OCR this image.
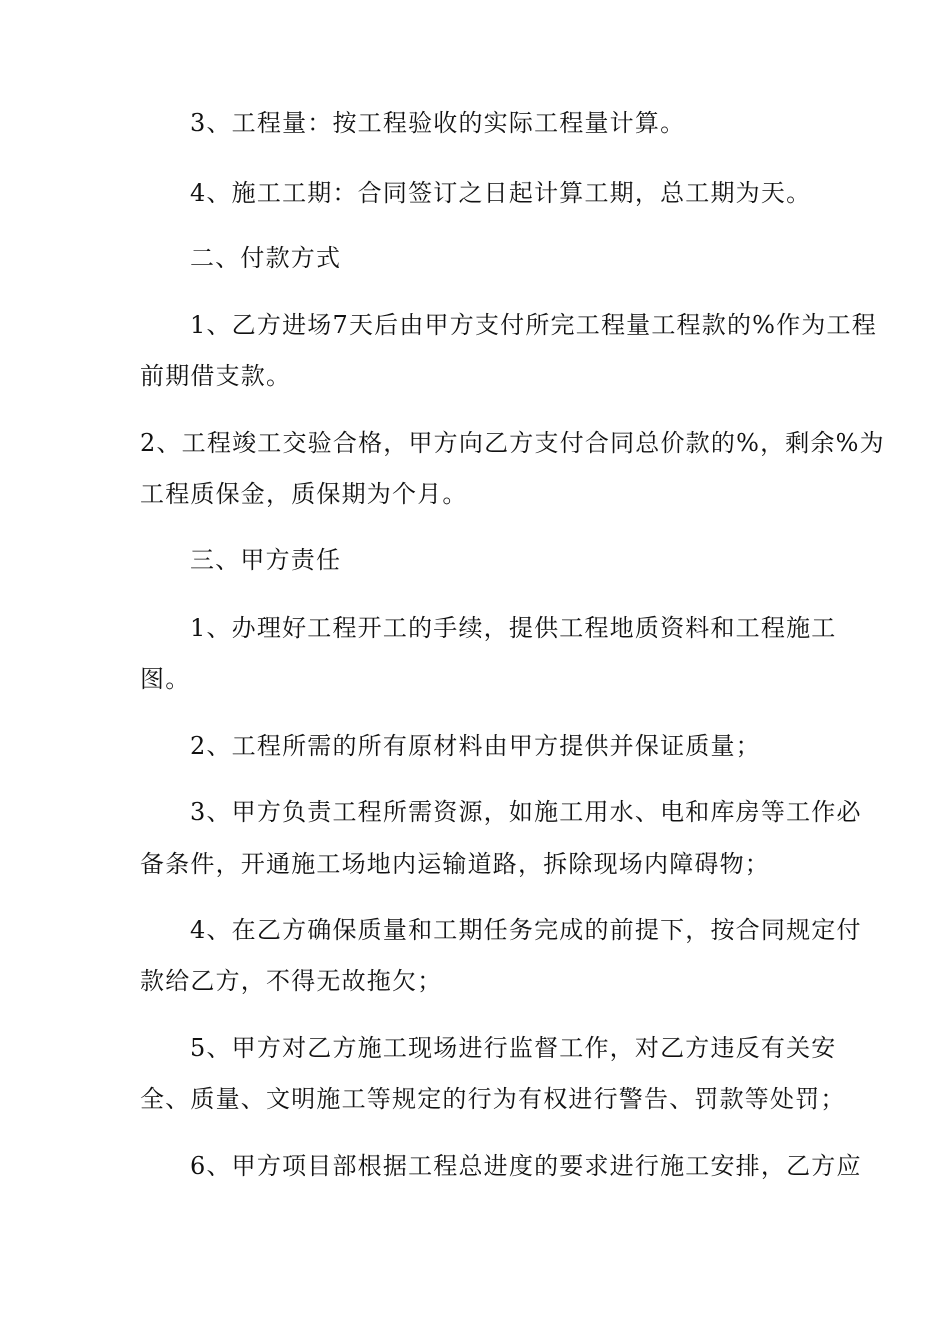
3、工程量：按工程验收的实际工程量计算。
4、施工工期：合同签订之日起计算工期，总工期为天。
二、付款方式
1、乙方进场7天后由甲方支付所完工程量工程款的%作为工程
前期借支款。
2、工程竣工交验合格，甲方向乙方支付合同总价款的%，剩余%为
工程质保金，质保期为个月。
三、甲方责任
1、办理好工程开工的手续，提供工程地质资料和工程施工
图。
2、工程所需的所有原材料由甲方提供并保证质量；
3、甲方负责工程所需资源，如施工用水、电和库房等工作必
备条件，开通施工场地内运输道路，拆除现场内障碍物；
4、在乙方确保质量和工期任务完成的前提下，按合同规定付
款给乙方，不得无故拖欠；
5、甲方对乙方施工现场进行监督工作，对乙方违反有关安
全、质量、文明施工等规定的行为有权进行警告、罚款等处罚；
6、甲方项目部根据工程总进度的要求进行施工安排，乙方应
